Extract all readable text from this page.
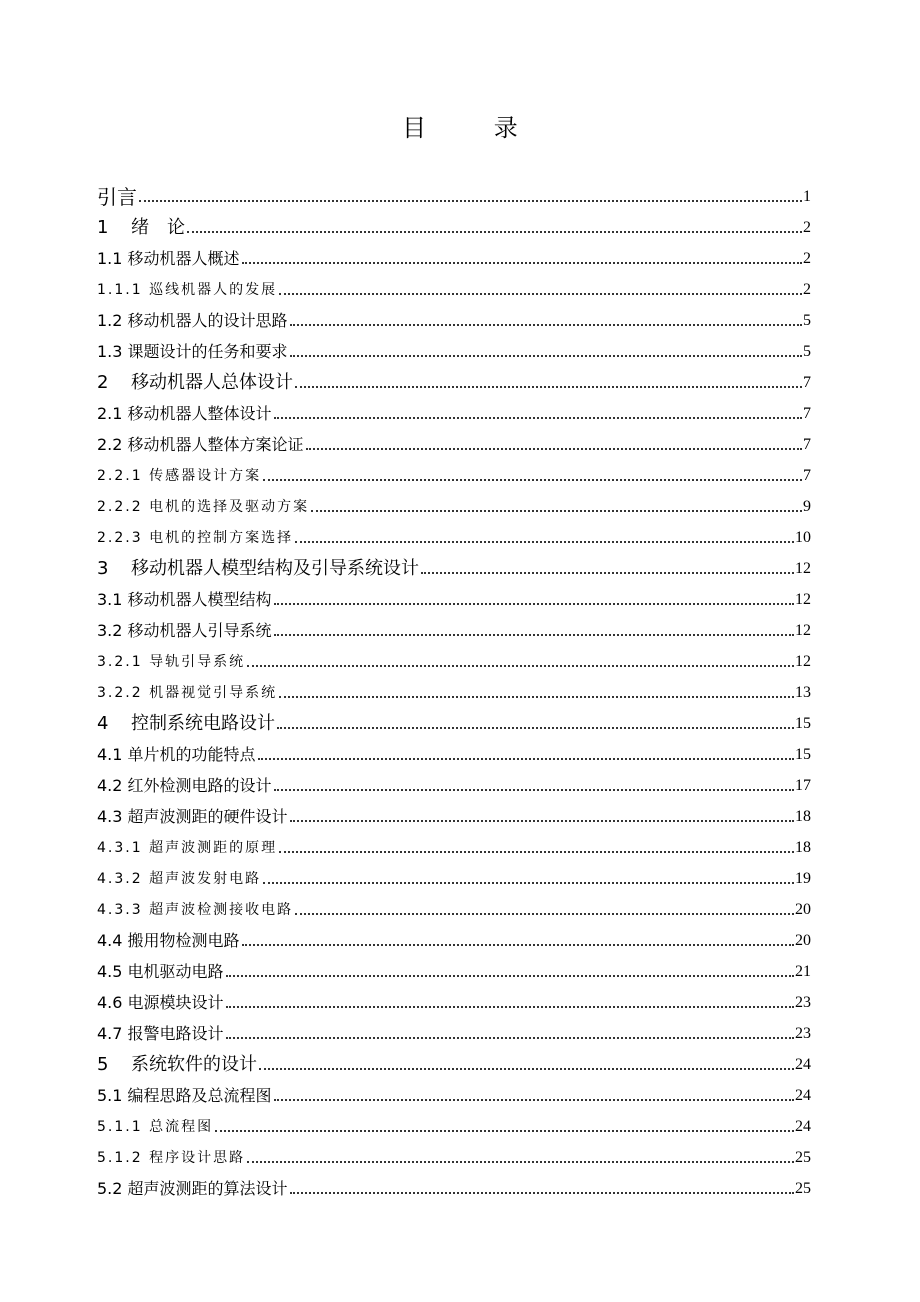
目 录
引言	1
1 绪　论	2
1.1 移动机器人概述	2
1.1.1 巡线机器人的发展	2
1.2 移动机器人的设计思路	5
1.3 课题设计的任务和要求	5
2 移动机器人总体设计	7
2.1 移动机器人整体设计	7
2.2 移动机器人整体方案论证	7
2.2.1 传感器设计方案	7
2.2.2 电机的选择及驱动方案	9
2.2.3 电机的控制方案选择	10
3 移动机器人模型结构及引导系统设计	12
3.1 移动机器人模型结构	12
3.2 移动机器人引导系统	12
3.2.1 导轨引导系统	12
3.2.2 机器视觉引导系统	13
4 控制系统电路设计	15
4.1 单片机的功能特点	15
4.2 红外检测电路的设计	17
4.3 超声波测距的硬件设计	18
4.3.1 超声波测距的原理	18
4.3.2 超声波发射电路	19
4.3.3 超声波检测接收电路	20
4.4 搬用物检测电路	20
4.5 电机驱动电路	21
4.6 电源模块设计	23
4.7 报警电路设计	23
5 系统软件的设计	24
5.1 编程思路及总流程图	24
5.1.1 总流程图	24
5.1.2 程序设计思路	25
5.2 超声波测距的算法设计	25
